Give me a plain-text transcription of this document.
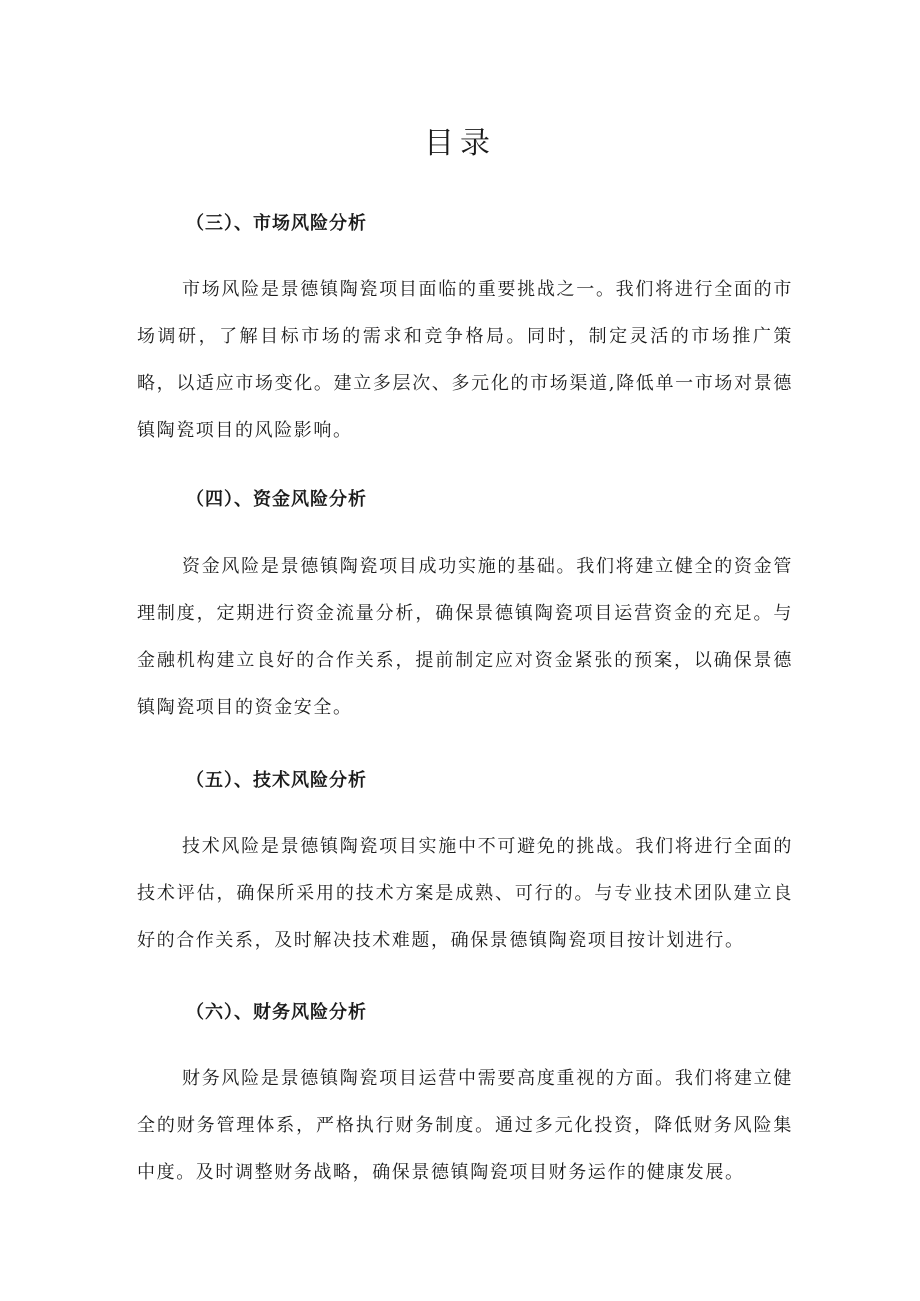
目录
（三）、市场风险分析

市场风险是景德镇陶瓷项目面临的重要挑战之一。我们将进行全面的市场调研，了解目标市场的需求和竞争格局。同时，制定灵活的市场推广策略，以适应市场变化。建立多层次、多元化的市场渠道,降低单一市场对景德镇陶瓷项目的风险影响。

（四）、资金风险分析

资金风险是景德镇陶瓷项目成功实施的基础。我们将建立健全的资金管理制度，定期进行资金流量分析，确保景德镇陶瓷项目运营资金的充足。与金融机构建立良好的合作关系，提前制定应对资金紧张的预案，以确保景德镇陶瓷项目的资金安全。

（五）、技术风险分析

技术风险是景德镇陶瓷项目实施中不可避免的挑战。我们将进行全面的技术评估，确保所采用的技术方案是成熟、可行的。与专业技术团队建立良好的合作关系，及时解决技术难题，确保景德镇陶瓷项目按计划进行。

（六）、财务风险分析

财务风险是景德镇陶瓷项目运营中需要高度重视的方面。我们将建立健全的财务管理体系，严格执行财务制度。通过多元化投资，降低财务风险集中度。及时调整财务战略，确保景德镇陶瓷项目财务运作的健康发展。
